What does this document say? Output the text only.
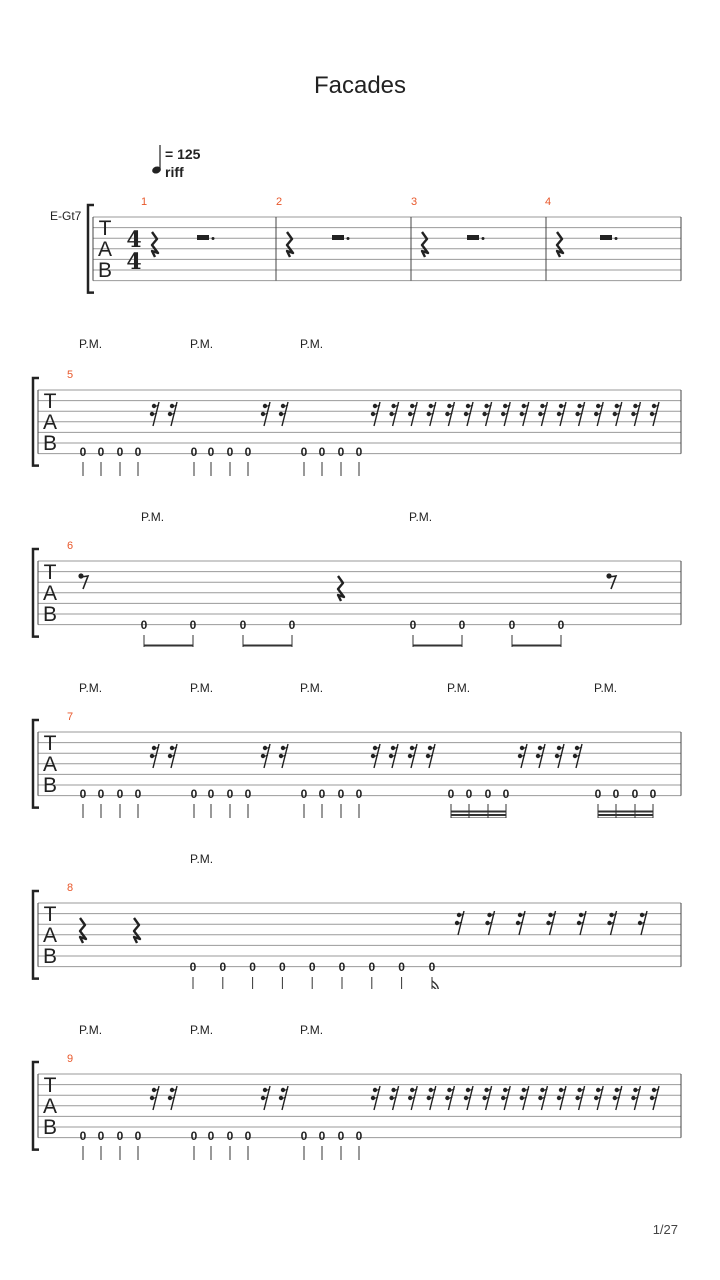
Facades
= 125
riff
E-Gt7
P.M.	P.M.	P.M.
P.M.	P.M.
P.M.	P.M.	P.M.	P.M.	P.M.
P.M.
P.M.	P.M.	P.M.
T
A
B
4
4
1	2	3	4
T
A
B
5
0 0 0 0	0 0 0 0	0 0 0 0
T
A
B
6
0	0	0	0	0	0	0	0
T
A
B
7
0 0 0 0	0 0 0 0	0 0 0 0	0 0 0 0	0 0 0 0
T
A
B
8
0 0 0 0 0 0 0 0 0
T
A
B
9
0 0 0 0	0 0 0 0	0 0 0 0
1/27
